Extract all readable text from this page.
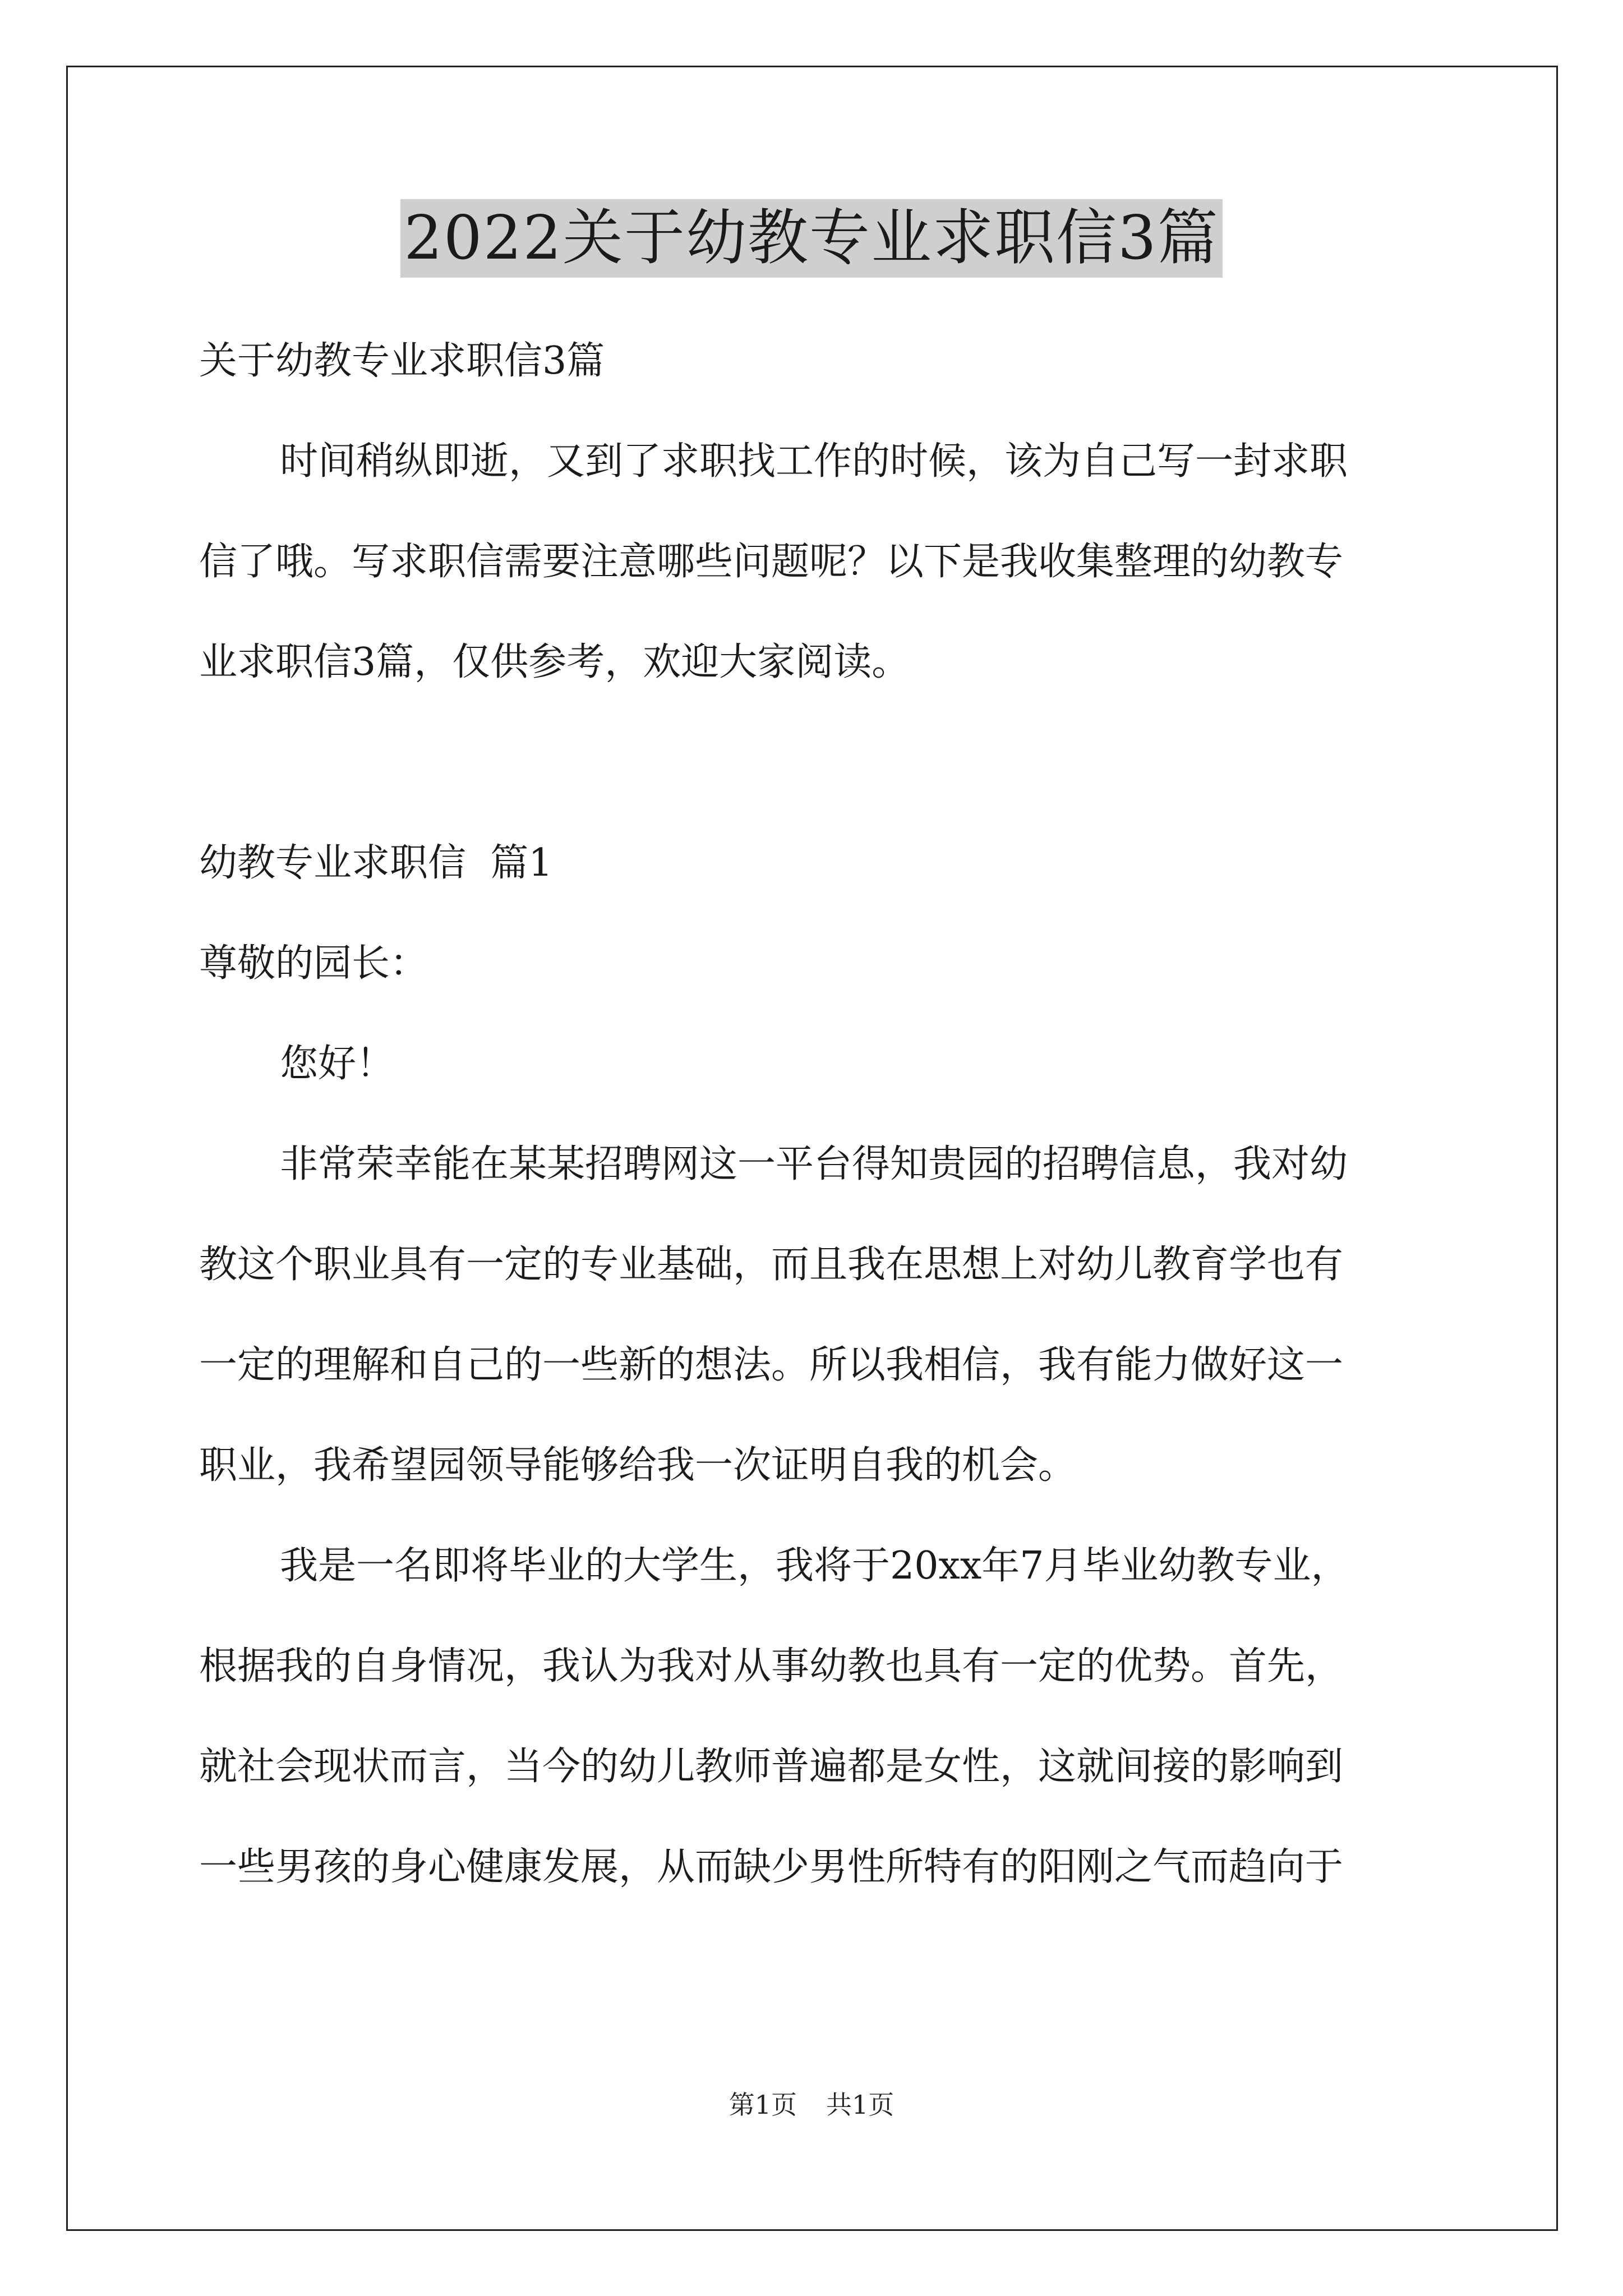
2022关于幼教专业求职信3篇

关于幼教专业求职信3篇

时间稍纵即逝，又到了求职找工作的时候，该为自己写一封求职

信了哦。写求职信需要注意哪些问题呢？以下是我收集整理的幼教专

业求职信3篇，仅供参考，欢迎大家阅读。

幼教专业求职信  篇1

尊敬的园长：

您好！

非常荣幸能在某某招聘网这一平台得知贵园的招聘信息，我对幼

教这个职业具有一定的专业基础，而且我在思想上对幼儿教育学也有

一定的理解和自己的一些新的想法。所以我相信，我有能力做好这一

职业，我希望园领导能够给我一次证明自我的机会。

我是一名即将毕业的大学生，我将于20xx年7月毕业幼教专业，

根据我的自身情况，我认为我对从事幼教也具有一定的优势。首先，

就社会现状而言，当今的幼儿教师普遍都是女性，这就间接的影响到

一些男孩的身心健康发展，从而缺少男性所特有的阳刚之气而趋向于

第1页 共1页
